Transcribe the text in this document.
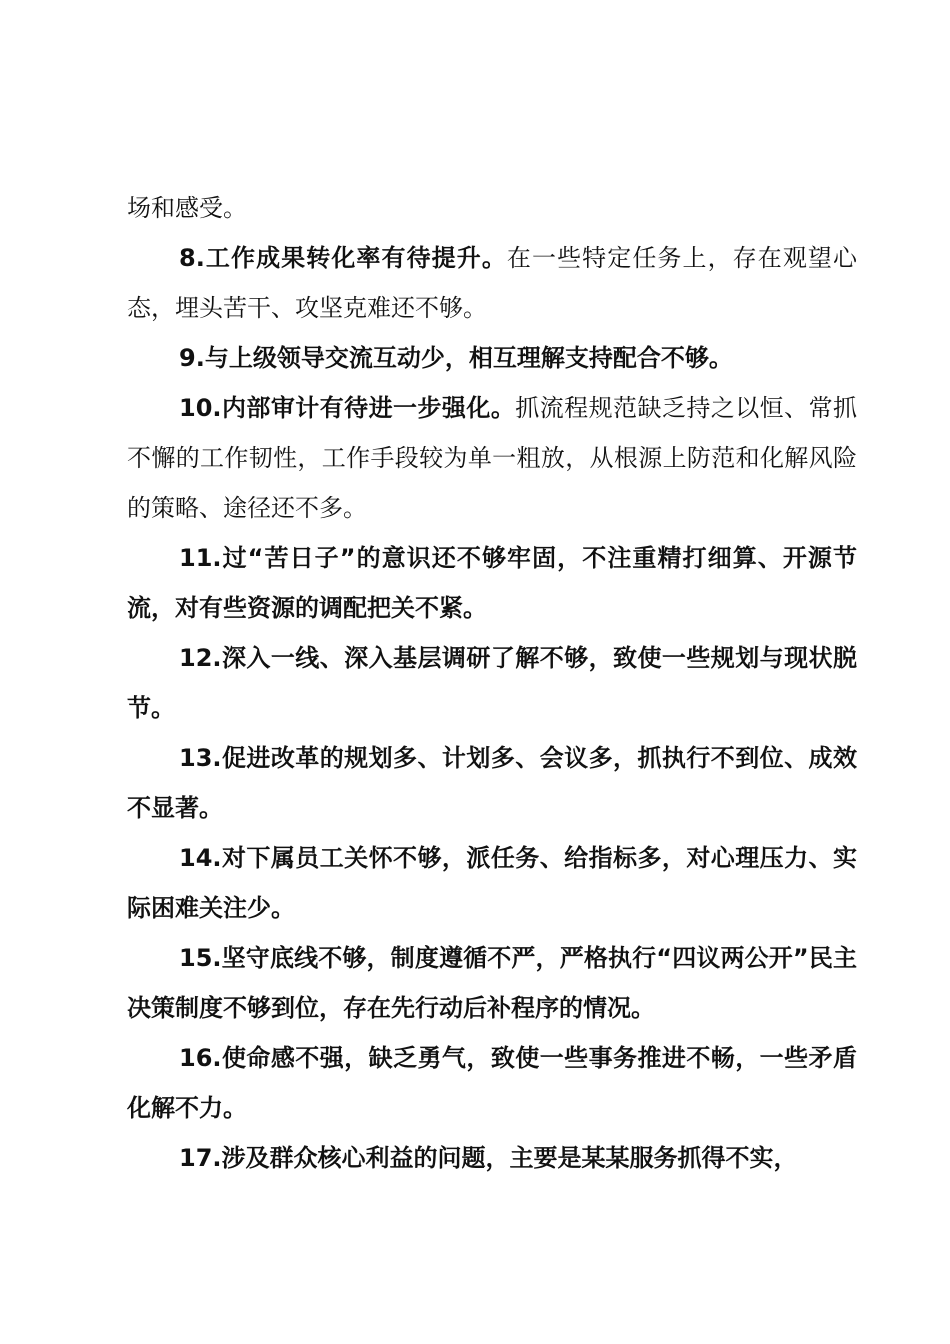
场和感受。

8.工作成果转化率有待提升。在一些特定任务上，存在观望心态，埋头苦干、攻坚克难还不够。

9.与上级领导交流互动少，相互理解支持配合不够。

10.内部审计有待进一步强化。抓流程规范缺乏持之以恒、常抓不懈的工作韧性，工作手段较为单一粗放，从根源上防范和化解风险的策略、途径还不多。

11.过“苦日子”的意识还不够牢固，不注重精打细算、开源节流，对有些资源的调配把关不紧。

12.深入一线、深入基层调研了解不够，致使一些规划与现状脱节。

13.促进改革的规划多、计划多、会议多，抓执行不到位、成效不显著。

14.对下属员工关怀不够，派任务、给指标多，对心理压力、实际困难关注少。

15.坚守底线不够，制度遵循不严，严格执行“四议两公开”民主决策制度不够到位，存在先行动后补程序的情况。

16.使命感不强，缺乏勇气，致使一些事务推进不畅，一些矛盾化解不力。

17.涉及群众核心利益的问题，主要是某某服务抓得不实，
